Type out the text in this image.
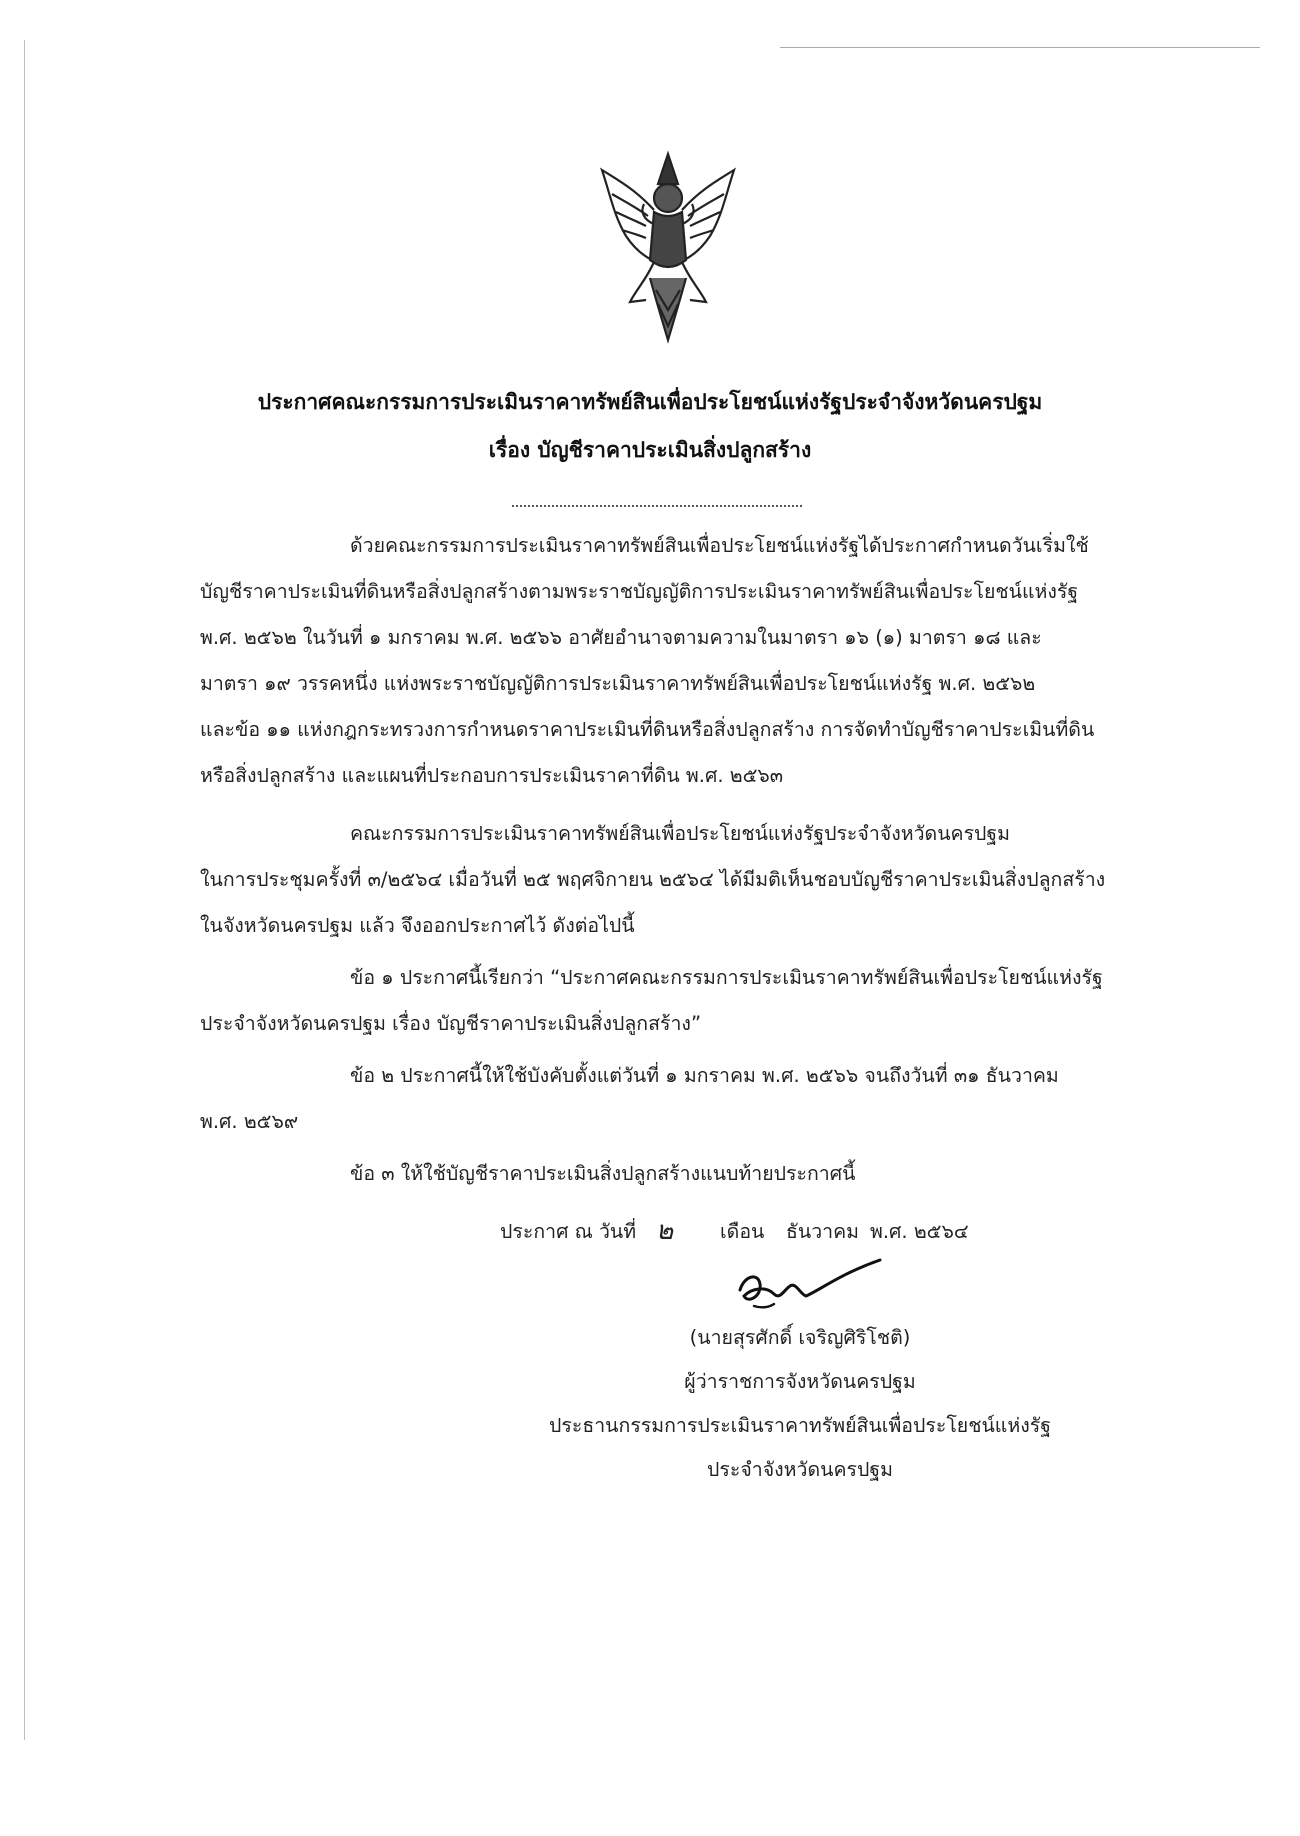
ประกาศคณะกรรมการประเมินราคาทรัพย์สินเพื่อประโยชน์แห่งรัฐประจำจังหวัดนครปฐม
เรื่อง บัญชีราคาประเมินสิ่งปลูกสร้าง
ด้วยคณะกรรมการประเมินราคาทรัพย์สินเพื่อประโยชน์แห่งรัฐได้ประกาศกำหนดวันเริ่มใช้
บัญชีราคาประเมินที่ดินหรือสิ่งปลูกสร้างตามพระราชบัญญัติการประเมินราคาทรัพย์สินเพื่อประโยชน์แห่งรัฐ
พ.ศ. ๒๕๖๒ ในวันที่ ๑ มกราคม พ.ศ. ๒๕๖๖ อาศัยอำนาจตามความในมาตรา ๑๖ (๑) มาตรา ๑๘ และ
มาตรา ๑๙ วรรคหนึ่ง แห่งพระราชบัญญัติการประเมินราคาทรัพย์สินเพื่อประโยชน์แห่งรัฐ พ.ศ. ๒๕๖๒
และข้อ ๑๑ แห่งกฎกระทรวงการกำหนดราคาประเมินที่ดินหรือสิ่งปลูกสร้าง การจัดทำบัญชีราคาประเมินที่ดิน
หรือสิ่งปลูกสร้าง และแผนที่ประกอบการประเมินราคาที่ดิน พ.ศ. ๒๕๖๓
คณะกรรมการประเมินราคาทรัพย์สินเพื่อประโยชน์แห่งรัฐประจำจังหวัดนครปฐม
ในการประชุมครั้งที่ ๓/๒๕๖๔ เมื่อวันที่ ๒๕ พฤศจิกายน ๒๕๖๔ ได้มีมติเห็นชอบบัญชีราคาประเมินสิ่งปลูกสร้าง
ในจังหวัดนครปฐม แล้ว จึงออกประกาศไว้ ดังต่อไปนี้
ข้อ ๑ ประกาศนี้เรียกว่า “ประกาศคณะกรรมการประเมินราคาทรัพย์สินเพื่อประโยชน์แห่งรัฐ
ประจำจังหวัดนครปฐม เรื่อง บัญชีราคาประเมินสิ่งปลูกสร้าง”
ข้อ ๒ ประกาศนี้ให้ใช้บังคับตั้งแต่วันที่ ๑ มกราคม พ.ศ. ๒๕๖๖ จนถึงวันที่ ๓๑ ธันวาคม
พ.ศ. ๒๕๖๙
ข้อ ๓ ให้ใช้บัญชีราคาประเมินสิ่งปลูกสร้างแนบท้ายประกาศนี้
ประกาศ ณ วันที่ ๒ เดือน ธันวาคม พ.ศ. ๒๕๖๔
(นายสุรศักดิ์ เจริญศิริโชติ)
ผู้ว่าราชการจังหวัดนครปฐม
ประธานกรรมการประเมินราคาทรัพย์สินเพื่อประโยชน์แห่งรัฐ
ประจำจังหวัดนครปฐม
